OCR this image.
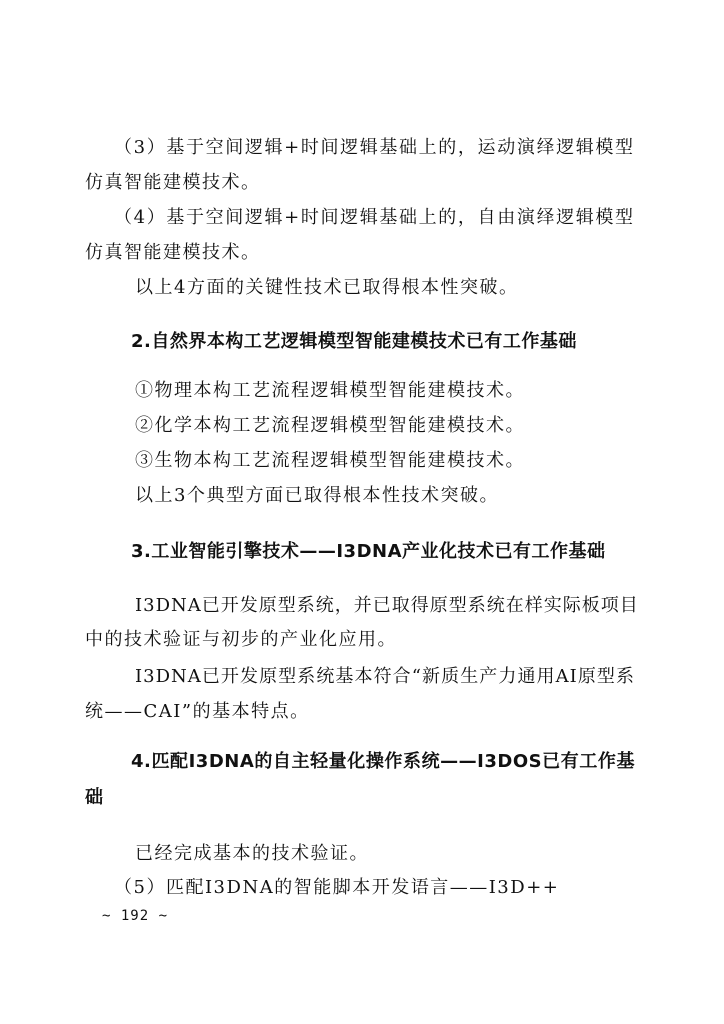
（3）基于空间逻辑+时间逻辑基础上的，运动演绎逻辑模型
仿真智能建模技术。
（4）基于空间逻辑+时间逻辑基础上的，自由演绎逻辑模型
仿真智能建模技术。
以上4方面的关键性技术已取得根本性突破。
2.自然界本构工艺逻辑模型智能建模技术已有工作基础
①物理本构工艺流程逻辑模型智能建模技术。
②化学本构工艺流程逻辑模型智能建模技术。
③生物本构工艺流程逻辑模型智能建模技术。
以上3个典型方面已取得根本性技术突破。
3.工业智能引擎技术——I3DNA产业化技术已有工作基础
I3DNA已开发原型系统，并已取得原型系统在样实际板项目
中的技术验证与初步的产业化应用。
I3DNA已开发原型系统基本符合“新质生产力通用AI原型系
统——CAI”的基本特点。
4.匹配I3DNA的自主轻量化操作系统——I3DOS已有工作基
础
已经完成基本的技术验证。
（5）匹配I3DNA的智能脚本开发语言——I3D++
~ 192 ~
